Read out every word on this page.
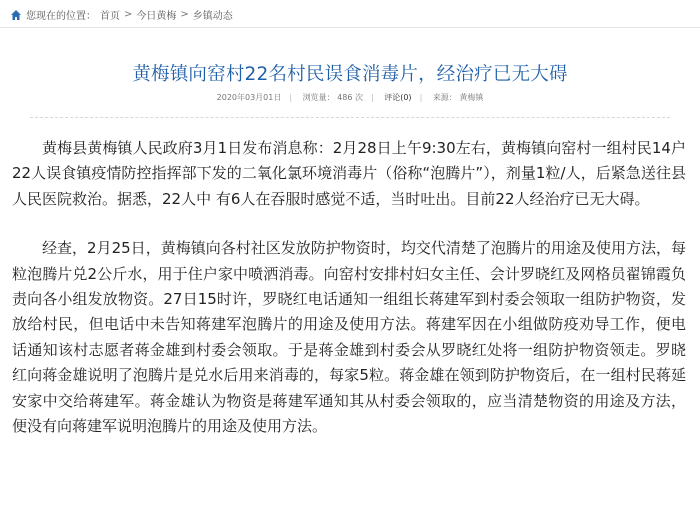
您现在的位置： 首页 > 今日黄梅 > 乡镇动态
黄梅镇向窑村22名村民误食消毒片，经治疗已无大碍
2020年03月01日 | 浏览量： 486 次 | 评论(0) | 来源： 黄梅镇

黄梅县黄梅镇人民政府3月1日发布消息称：2月28日上午9:30左右，黄梅镇向窑村一组村民14户22人误食镇疫情防控指挥部下发的二氧化氯环境消毒片（俗称“泡腾片”），剂量1粒/人，后紧急送往县人民医院救治。据悉，22人中 有6人在吞服时感觉不适，当时吐出。目前22人经治疗已无大碍。

经查，2月25日，黄梅镇向各村社区发放防护物资时，均交代清楚了泡腾片的用途及使用方法，每粒泡腾片兑2公斤水，用于住户家中喷洒消毒。向窑村安排村妇女主任、会计罗晓红及网格员翟锦霞负责向各小组发放物资。27日15时许，罗晓红电话通知一组组长蒋建军到村委会领取一组防护物资，发放给村民，但电话中未告知蒋建军泡腾片的用途及使用方法。蒋建军因在小组做防疫劝导工作，便电话通知该村志愿者蒋金雄到村委会领取。于是蒋金雄到村委会从罗晓红处将一组防护物资领走。罗晓红向蒋金雄说明了泡腾片是兑水后用来消毒的，每家5粒。蒋金雄在领到防护物资后，在一组村民蒋延安家中交给蒋建军。蒋金雄认为物资是蒋建军通知其从村委会领取的，应当清楚物资的用途及方法，便没有向蒋建军说明泡腾片的用途及使用方法。
